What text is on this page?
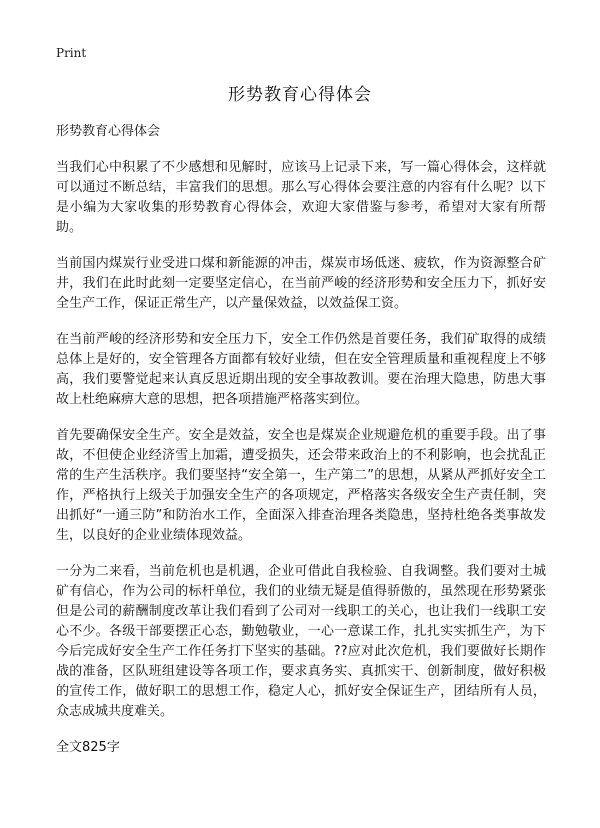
Print
形势教育心得体会
形势教育心得体会

当我们心中积累了不少感想和见解时，应该马上记录下来，写一篇心得体会，这样就可以通过不断总结，丰富我们的思想。那么写心得体会要注意的内容有什么呢？以下是小编为大家收集的形势教育心得体会，欢迎大家借鉴与参考，希望对大家有所帮助。

当前国内煤炭行业受进口煤和新能源的冲击，煤炭市场低迷、疲软，作为资源整合矿井，我们在此时此刻一定要坚定信心，在当前严峻的经济形势和安全压力下，抓好安全生产工作，保证正常生产，以产量保效益，以效益保工资。

在当前严峻的经济形势和安全压力下，安全工作仍然是首要任务，我们矿取得的成绩总体上是好的，安全管理各方面都有较好业绩，但在安全管理质量和重视程度上不够高，我们要警觉起来认真反思近期出现的安全事故教训。要在治理大隐患，防患大事故上杜绝麻痹大意的思想，把各项措施严格落实到位。

首先要确保安全生产。安全是效益，安全也是煤炭企业规避危机的重要手段。出了事故，不但使企业经济雪上加霜，遭受损失，还会带来政治上的不利影响，也会扰乱正常的生产生活秩序。我们要坚持“安全第一，生产第二”的思想，从紧从严抓好安全工作，严格执行上级关于加强安全生产的各项规定，严格落实各级安全生产责任制，突出抓好“一通三防”和防治水工作，全面深入排查治理各类隐患，坚持杜绝各类事故发生，以良好的企业业绩体现效益。

一分为二来看，当前危机也是机遇，企业可借此自我检验、自我调整。我们要对土城矿有信心，作为公司的标杆单位，我们的业绩无疑是值得骄傲的，虽然现在形势紧张但是公司的薪酬制度改革让我们看到了公司对一线职工的关心，也让我们一线职工安心不少。各级干部要摆正心态，勤勉敬业，一心一意谋工作，扎扎实实抓生产，为下今后完成好安全生产工作任务打下坚实的基础。??应对此次危机，我们要做好长期作战的准备，区队班组建设等各项工作，要求真务实、真抓实干、创新制度，做好积极的宣传工作，做好职工的思想工作，稳定人心，抓好安全保证生产，团结所有人员，众志成城共度难关。

全文825字
